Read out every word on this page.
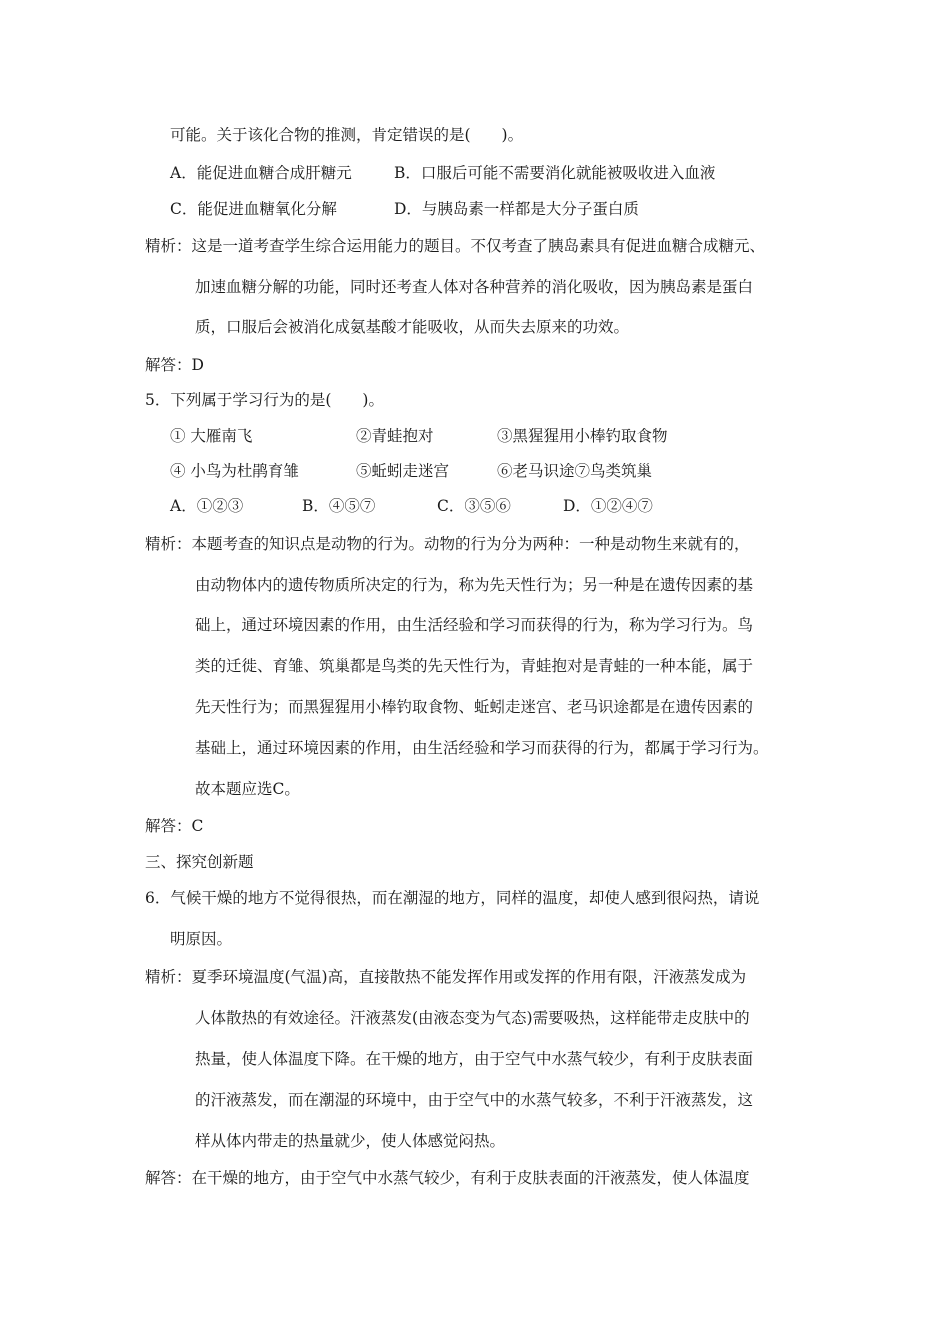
可能。关于该化合物的推测，肯定错误的是(　　)。
A．能促进血糖合成肝糖元	B．口服后可能不需要消化就能被吸收进入血液
C．能促进血糖氧化分解	D．与胰岛素一样都是大分子蛋白质
精析：这是一道考查学生综合运用能力的题目。不仅考查了胰岛素具有促进血糖合成糖元、
加速血糖分解的功能，同时还考查人体对各种营养的消化吸收，因为胰岛素是蛋白
质，口服后会被消化成氨基酸才能吸收，从而失去原来的功效。
解答：D
5．下列属于学习行为的是(　　)。
① 大雁南飞	②青蛙抱对	③黑猩猩用小棒钓取食物
④ 小鸟为杜鹃育雏	⑤蚯蚓走迷宫	⑥老马识途⑦鸟类筑巢
A．①②③	B．④⑤⑦	C．③⑤⑥	D．①②④⑦
精析：本题考查的知识点是动物的行为。动物的行为分为两种：一种是动物生来就有的，
由动物体内的遗传物质所决定的行为，称为先天性行为；另一种是在遗传因素的基
础上，通过环境因素的作用，由生活经验和学习而获得的行为，称为学习行为。鸟
类的迁徙、育雏、筑巢都是鸟类的先天性行为，青蛙抱对是青蛙的一种本能，属于
先天性行为；而黑猩猩用小棒钓取食物、蚯蚓走迷宫、老马识途都是在遗传因素的
基础上，通过环境因素的作用，由生活经验和学习而获得的行为，都属于学习行为。
故本题应选C。
解答：C
三、探究创新题
6．气候干燥的地方不觉得很热，而在潮湿的地方，同样的温度，却使人感到很闷热，请说
明原因。
精析：夏季环境温度(气温)高，直接散热不能发挥作用或发挥的作用有限，汗液蒸发成为
人体散热的有效途径。汗液蒸发(由液态变为气态)需要吸热，这样能带走皮肤中的
热量，使人体温度下降。在干燥的地方，由于空气中水蒸气较少，有利于皮肤表面
的汗液蒸发，而在潮湿的环境中，由于空气中的水蒸气较多，不利于汗液蒸发，这
样从体内带走的热量就少，使人体感觉闷热。
解答：在干燥的地方，由于空气中水蒸气较少，有利于皮肤表面的汗液蒸发，使人体温度
